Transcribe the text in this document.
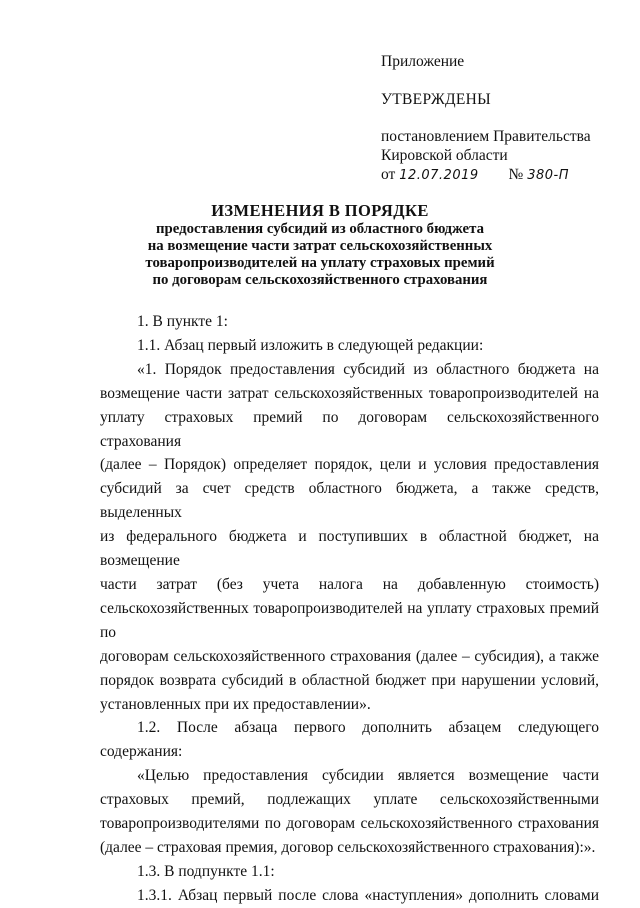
Приложение
УТВЕРЖДЕНЫ
постановлением Правительства
Кировской области
от 12.07.2019 № 380-П
ИЗМЕНЕНИЯ В ПОРЯДКЕ
предоставления субсидий из областного бюджета
на возмещение части затрат сельскохозяйственных
товаропроизводителей на уплату страховых премий
по договорам сельскохозяйственного страхования

1. В пункте 1:

1.1. Абзац первый изложить в следующей редакции:

«1. Порядок предоставления субсидий из областного бюджета на
возмещение части затрат сельскохозяйственных товаропроизводителей на
уплату страховых премий по договорам сельскохозяйственного страхования
(далее – Порядок) определяет порядок, цели и условия предоставления
субсидий за счет средств областного бюджета, а также средств, выделенных
из федерального бюджета и поступивших в областной бюджет, на возмещение
части затрат (без учета налога на добавленную стоимость)
сельскохозяйственных товаропроизводителей на уплату страховых премий по
договорам сельскохозяйственного страхования (далее – субсидия), а также
порядок возврата субсидий в областной бюджет при нарушении условий,
установленных при их предоставлении».

1.2. После абзаца первого дополнить абзацем следующего содержания:

«Целью предоставления субсидии является возмещение части
страховых премий, подлежащих уплате сельскохозяйственными
товаропроизводителями по договорам сельскохозяйственного страхования
(далее – страховая премия, договор сельскохозяйственного страхования):».

1.3. В подпункте 1.1:

1.3.1. Абзац первый после слова «наступления» дополнить словами
